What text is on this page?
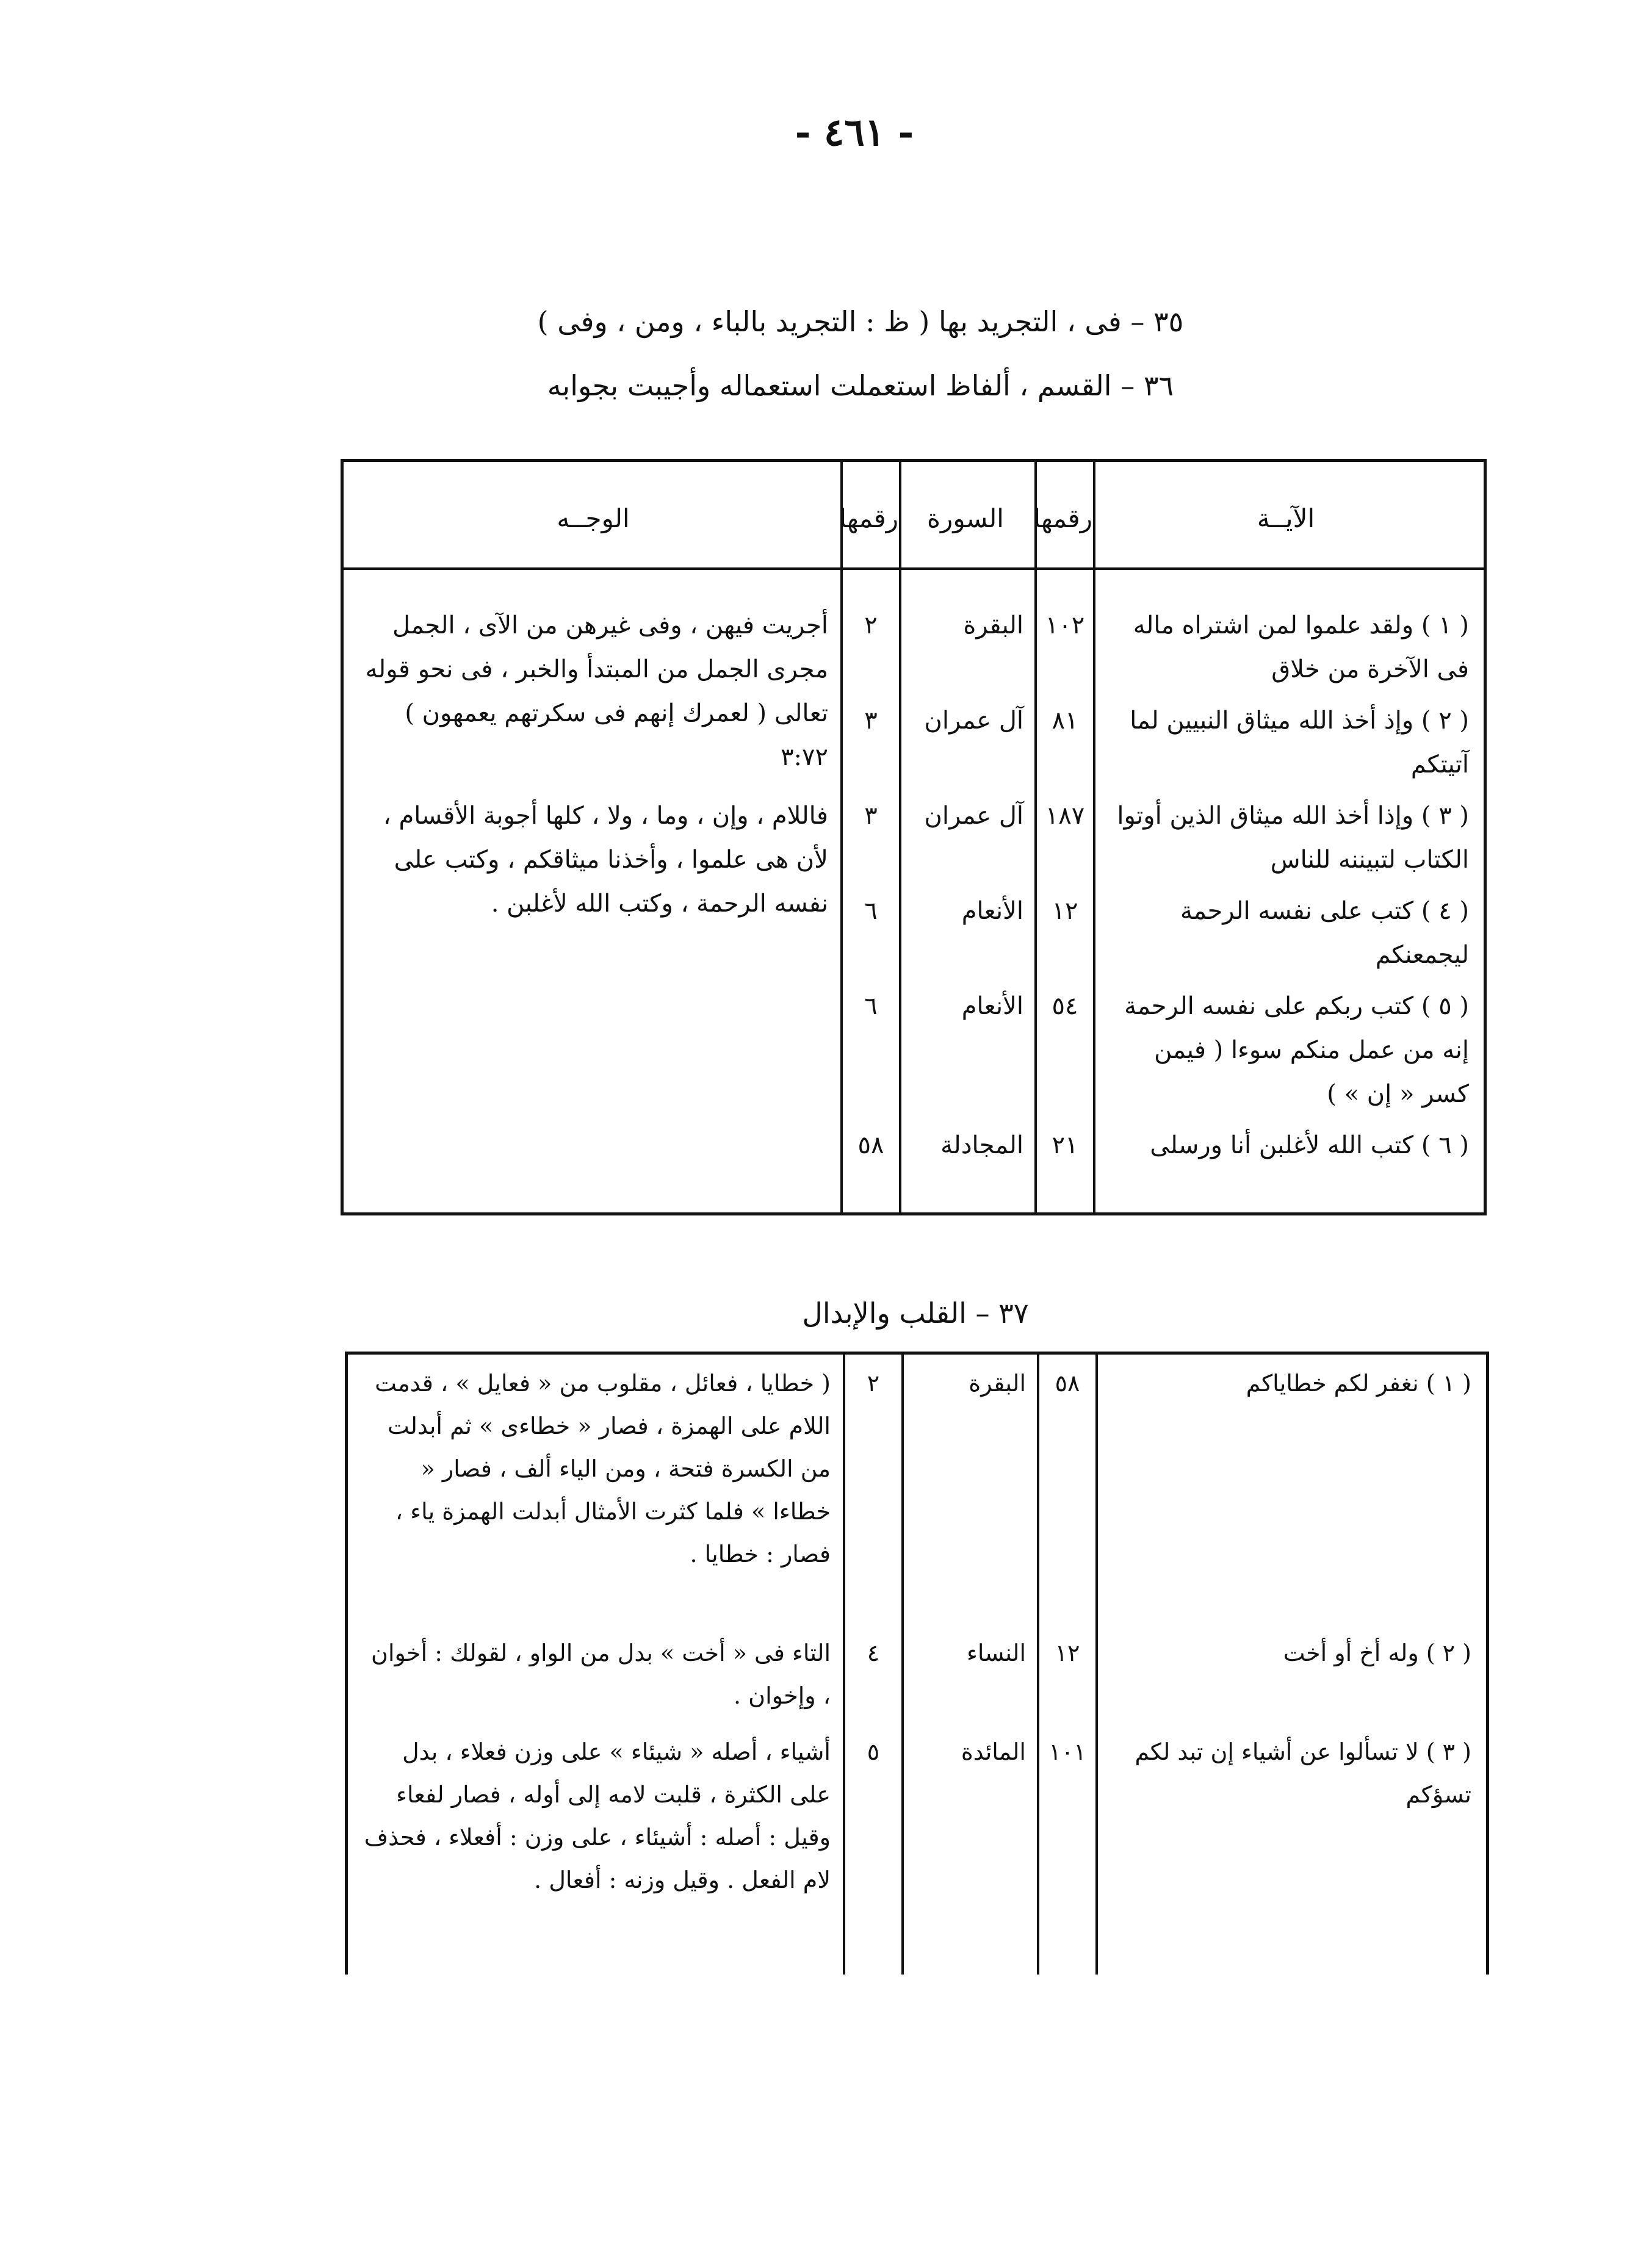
- ٤٦١ -
٣٥ – فى ، التجريد بها ( ظ : التجريد بالباء ، ومن ، وفى )
٣٦ – القسم ، ألفاظ استعملت استعماله وأجيبت بجوابه
الآيــة	رقمها	السورة	رقمها	الوجــه

( ١ ) ولقد علموا لمن اشتراه ماله فى الآخرة من خلاق	١٠٢	البقرة	٢	أجريت فيهن ، وفى غيرهن من الآى ، الجمل مجرى الجمل من المبتدأ والخبر ، فى نحو قوله تعالى ( لعمرك إنهم فى سكرتهم يعمهون ) ٣:٧٢
( ٢ ) وإذ أخذ الله ميثاق النبيين لما آتيتكم	٨١	آل عمران	٣	
( ٣ ) وإذا أخذ الله ميثاق الذين أوتوا الكتاب لتبيننه للناس	١٨٧	آل عمران	٣	فاللام ، وإن ، وما ، ولا ، كلها أجوبة الأقسام ، لأن هى علموا ، وأخذنا ميثاقكم ، وكتب على نفسه الرحمة ، وكتب الله لأغلبن .
( ٤ ) كتب على نفسه الرحمة ليجمعنكم	١٢	الأنعام	٦	
( ٥ ) كتب ربكم على نفسه الرحمة إنه من عمل منكم سوءا ( فيمن كسر « إن » )	٥٤	الأنعام	٦	
( ٦ ) كتب الله لأغلبن أنا ورسلى	٢١	المجادلة	٥٨	

٣٧ – القلب والإبدال
( ١ ) نغفر لكم خطاياكم	٥٨	البقرة	٢	( خطايا ، فعائل ، مقلوب من « فعايل » ، قدمت اللام على الهمزة ، فصار « خطاءى » ثم أبدلت من الكسرة فتحة ، ومن الياء ألف ، فصار « خطاءا » فلما كثرت الأمثال أبدلت الهمزة ياء ، فصار : خطايا .
( ٢ ) وله أخ أو أخت	١٢	النساء	٤	التاء فى « أخت » بدل من الواو ، لقولك : أخوان ، وإخوان .
( ٣ ) لا تسألوا عن أشياء إن تبد لكم تسؤكم	١٠١	المائدة	٥	أشياء ، أصله « شيئاء » على وزن فعلاء ، بدل على الكثرة ، قلبت لامه إلى أوله ، فصار لفعاء وقيل : أصله : أشيئاء ، على وزن : أفعلاء ، فحذف لام الفعل . وقيل وزنه : أفعال .
